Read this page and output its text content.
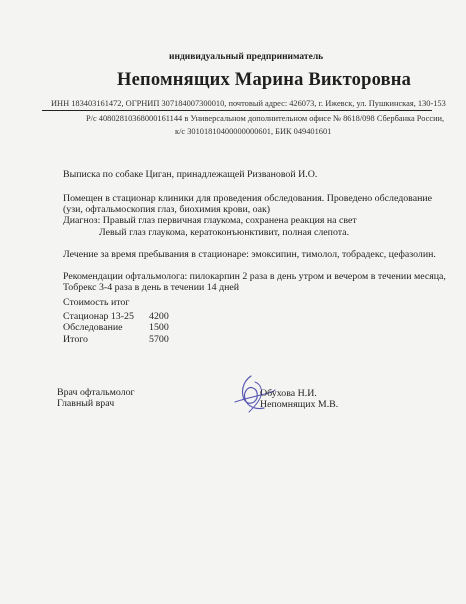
индивидуальный предприниматель
Непомнящих Марина Викторовна
ИНН 183403161472, ОГРНИП 307184007300010, почтовый адрес: 426073, г. Ижевск, ул. Пушкинская, 130-153
Р/с 40802810368000161144 в Универсальном дополнительном офисе № 8618/098 Сбербанка России,
к/с 30101810400000000601, БИК 049401601
Выписка по собаке Циган, принадлежащей Ризвановой И.О.
Помещен в стационар клиники для проведения обследования. Проведено обследование
(узи, офтальмоскопия глаз, биохимия крови, оак)
Диагноз: Правый глаз первичная глаукома, сохранена реакция на свет
Левый глаз глаукома, кератоконъюнктивит, полная слепота.
Лечение за время пребывания в стационаре: эмоксипин, тимолол, тобрадекс, цефазолин.
Рекомендации офтальмолога: пилокарпин 2 раза в день утром и вечером в течении месяца,
Тобрекс 3-4 раза в день в течении 14 дней
Стоимость итог
Стационар 13-25 4200
Обследование	1500
Итого	5700
Врач офтальмолог
Главный врач
Обухова Н.И.
Непомнящих М.В.
